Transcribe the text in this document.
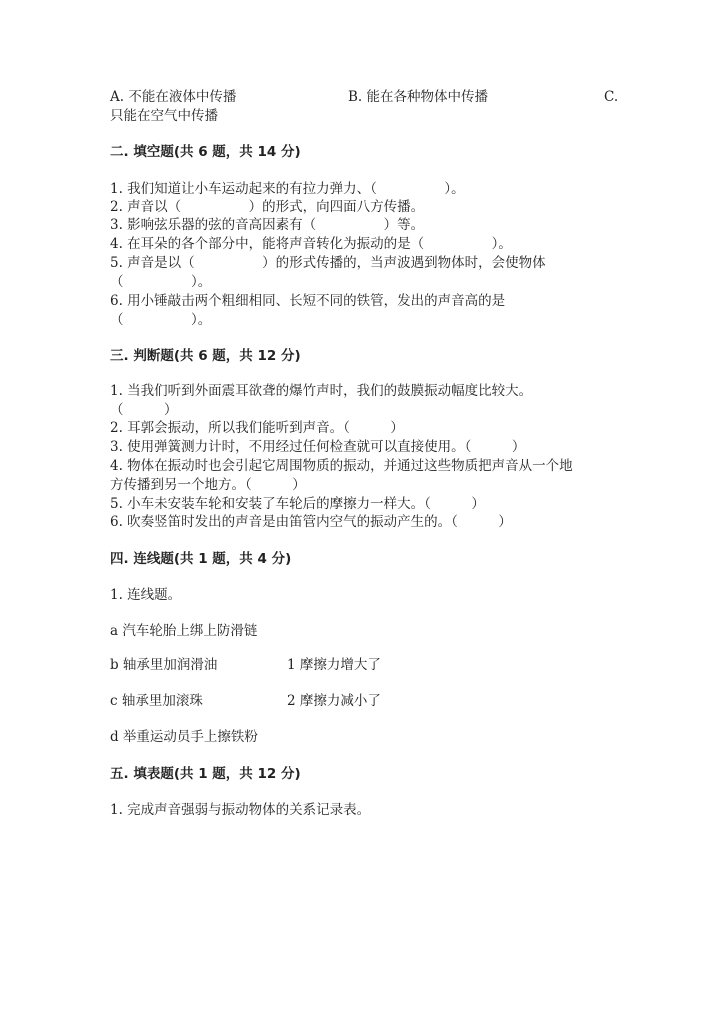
A. 不能在液体中传播	B. 能在各种物体中传播	C.
只能在空气中传播
二. 填空题(共 6 题，共 14 分)
1. 我们知道让小车运动起来的有拉力弹力、（　　　　　）。
2. 声音以（　　　　　）的形式，向四面八方传播。
3. 影响弦乐器的弦的音高因素有（　　　　　）等。
4. 在耳朵的各个部分中，能将声音转化为振动的是（　　　　　）。
5. 声音是以（　　　　　）的形式传播的，当声波遇到物体时，会使物体
（　　　　　）。
6. 用小锤敲击两个粗细相同、长短不同的铁管，发出的声音高的是
（　　　　　）。
三. 判断题(共 6 题，共 12 分)
1. 当我们听到外面震耳欲聋的爆竹声时，我们的鼓膜振动幅度比较大。
（　　　）
2. 耳郭会振动，所以我们能听到声音。（　　　）
3. 使用弹簧测力计时，不用经过任何检查就可以直接使用。（　　　）
4. 物体在振动时也会引起它周围物质的振动，并通过这些物质把声音从一个地
方传播到另一个地方。（　　　）
5. 小车未安装车轮和安装了车轮后的摩擦力一样大。（　　　）
6. 吹奏竖笛时发出的声音是由笛管内空气的振动产生的。（　　　）
四. 连线题(共 1 题，共 4 分)
1. 连线题。
a 汽车轮胎上绑上防滑链
b 轴承里加润滑油	1 摩擦力增大了
c 轴承里加滚珠	2 摩擦力减小了
d 举重运动员手上擦铁粉
五. 填表题(共 1 题，共 12 分)
1. 完成声音强弱与振动物体的关系记录表。
